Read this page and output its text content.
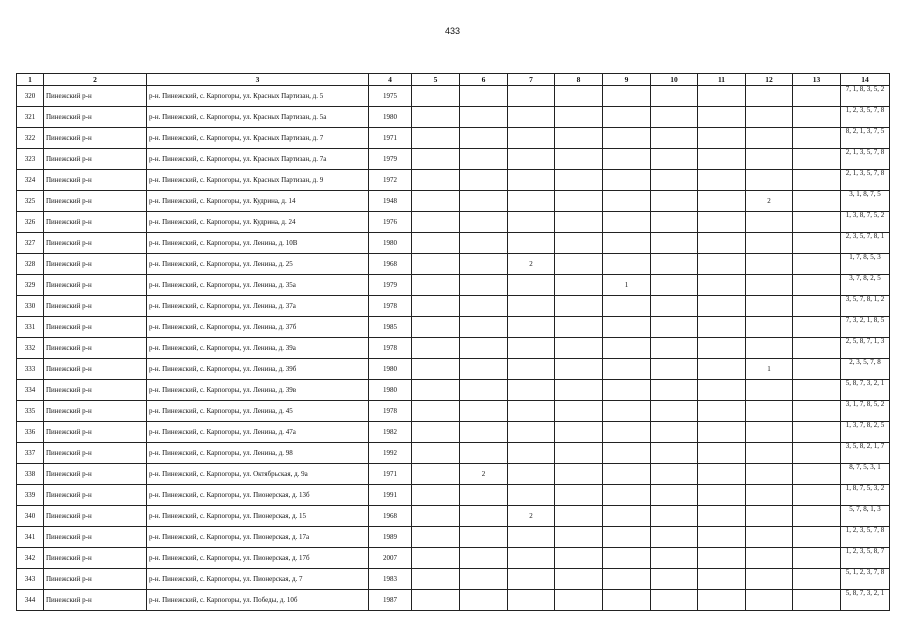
433
1	2	3	4	5	6	7	8	9	10	11	12	13	14
320	Пинежский р-н	р-н. Пинежский, с. Карпогоры, ул. Красных Партизан, д. 5	1975										7, 1, 8, 3, 5, 2
321	Пинежский р-н	р-н. Пинежский, с. Карпогоры, ул. Красных Партизан, д. 5а	1980										1, 2, 3, 5, 7, 8
322	Пинежский р-н	р-н. Пинежский, с. Карпогоры, ул. Красных Партизан, д. 7	1971										8, 2, 1, 3, 7, 5
323	Пинежский р-н	р-н. Пинежский, с. Карпогоры, ул. Красных Партизан, д. 7а	1979										2, 1, 3, 5, 7, 8
324	Пинежский р-н	р-н. Пинежский, с. Карпогоры, ул. Красных Партизан, д. 9	1972										2, 1, 3, 5, 7, 8
325	Пинежский р-н	р-н. Пинежский, с. Карпогоры, ул. Кудрина, д. 14	1948								2		3, 1, 8, 7, 5
326	Пинежский р-н	р-н. Пинежский, с. Карпогоры, ул. Кудрина, д. 24	1976										1, 3, 8, 7, 5, 2
327	Пинежский р-н	р-н. Пинежский, с. Карпогоры, ул. Ленина, д. 10В	1980										2, 3, 5, 7, 8, 1
328	Пинежский р-н	р-н. Пинежский, с. Карпогоры, ул. Ленина, д. 25	1968			2							1, 7, 8, 5, 3
329	Пинежский р-н	р-н. Пинежский, с. Карпогоры, ул. Ленина, д. 35а	1979					1					3, 7, 8, 2, 5
330	Пинежский р-н	р-н. Пинежский, с. Карпогоры, ул. Ленина, д. 37а	1978										3, 5, 7, 8, 1, 2
331	Пинежский р-н	р-н. Пинежский, с. Карпогоры, ул. Ленина, д. 37б	1985										7, 3, 2, 1, 8, 5
332	Пинежский р-н	р-н. Пинежский, с. Карпогоры, ул. Ленина, д. 39а	1978										2, 5, 8, 7, 1, 3
333	Пинежский р-н	р-н. Пинежский, с. Карпогоры, ул. Ленина, д. 39б	1980								1		2, 3, 5, 7, 8
334	Пинежский р-н	р-н. Пинежский, с. Карпогоры, ул. Ленина, д. 39в	1980										5, 8, 7, 3, 2, 1
335	Пинежский р-н	р-н. Пинежский, с. Карпогоры, ул. Ленина, д. 45	1978										3, 1, 7, 8, 5, 2
336	Пинежский р-н	р-н. Пинежский, с. Карпогоры, ул. Ленина, д. 47а	1982										1, 3, 7, 8, 2, 5
337	Пинежский р-н	р-н. Пинежский, с. Карпогоры, ул. Ленина, д. 98	1992										3, 5, 8, 2, 1, 7
338	Пинежский р-н	р-н. Пинежский, с. Карпогоры, ул. Октябрьская, д. 9а	1971		2								8, 7, 5, 3, 1
339	Пинежский р-н	р-н. Пинежский, с. Карпогоры, ул. Пионерская, д. 13б	1991										1, 8, 7, 5, 3, 2
340	Пинежский р-н	р-н. Пинежский, с. Карпогоры, ул. Пионерская, д. 15	1968			2							5, 7, 8, 1, 3
341	Пинежский р-н	р-н. Пинежский, с. Карпогоры, ул. Пионерская, д. 17а	1989										1, 2, 3, 5, 7, 8
342	Пинежский р-н	р-н. Пинежский, с. Карпогоры, ул. Пионерская, д. 17б	2007										1, 2, 3, 5, 8, 7
343	Пинежский р-н	р-н. Пинежский, с. Карпогоры, ул. Пионерская, д. 7	1983										5, 1, 2, 3, 7, 8
344	Пинежский р-н	р-н. Пинежский, с. Карпогоры, ул. Победы, д. 10б	1987										5, 8, 7, 3, 2, 1
